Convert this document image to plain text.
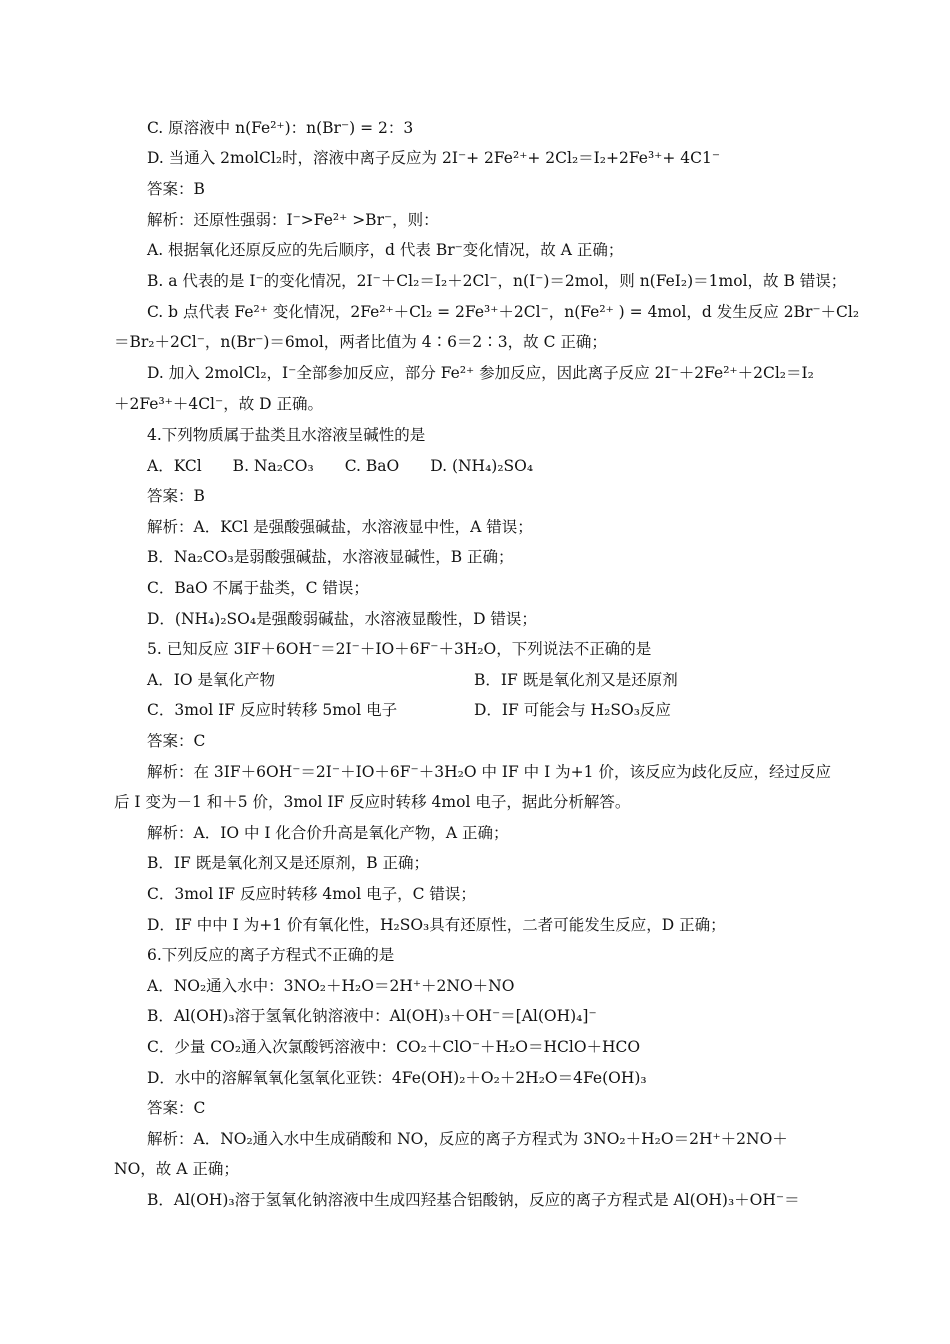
C. 原溶液中 n(Fe²⁺)：n(Br⁻) = 2：3
D. 当通入 2molCl₂时，溶液中离子反应为 2I⁻+ 2Fe²⁺+ 2Cl₂＝I₂+2Fe³⁺+ 4C1⁻
答案：B
解析：还原性强弱：I⁻>Fe²⁺ >Br⁻，则：
A. 根据氧化还原反应的先后顺序，d 代表 Br⁻变化情况，故 A 正确；
B. a 代表的是 I⁻的变化情况，2I⁻＋Cl₂＝I₂＋2Cl⁻，n(I⁻)＝2mol，则 n(FeI₂)＝1mol，故 B 错误；
C. b 点代表 Fe²⁺ 变化情况，2Fe²⁺＋Cl₂ = 2Fe³⁺＋2Cl⁻，n(Fe²⁺ ) = 4mol，d 发生反应 2Br⁻＋Cl₂
＝Br₂＋2Cl⁻，n(Br⁻)＝6mol，两者比值为 4∶6＝2∶3，故 C 正确；
D. 加入 2molCl₂，I⁻全部参加反应，部分 Fe²⁺ 参加反应，因此离子反应 2I⁻＋2Fe²⁺＋2Cl₂＝I₂
＋2Fe³⁺＋4Cl⁻，故 D 正确。
4.下列物质属于盐类且水溶液呈碱性的是
A．KCl　　B. Na₂CO₃　　C. BaO　　D. (NH₄)₂SO₄
答案：B
解析：A．KCl 是强酸强碱盐，水溶液显中性，A 错误；
B．Na₂CO₃是弱酸强碱盐，水溶液显碱性，B 正确；
C．BaO 不属于盐类，C 错误；
D．(NH₄)₂SO₄是强酸弱碱盐，水溶液显酸性，D 错误；
5. 已知反应 3IF＋6OH⁻＝2I⁻＋IO＋6F⁻＋3H₂O，下列说法不正确的是
A．IO 是氧化产物	B．IF 既是氧化剂又是还原剂
C．3mol IF 反应时转移 5mol 电子	D．IF 可能会与 H₂SO₃反应
答案：C
解析：在 3IF＋6OH⁻＝2I⁻＋IO＋6F⁻＋3H₂O 中 IF 中 I 为+1 价，该反应为歧化反应，经过反应
后 I 变为－1 和＋5 价，3mol IF 反应时转移 4mol 电子，据此分析解答。
解析：A．IO 中 I 化合价升高是氧化产物，A 正确；
B．IF 既是氧化剂又是还原剂，B 正确；
C．3mol IF 反应时转移 4mol 电子，C 错误；
D．IF 中中 I 为+1 价有氧化性，H₂SO₃具有还原性，二者可能发生反应，D 正确；
6.下列反应的离子方程式不正确的是
A．NO₂通入水中：3NO₂＋H₂O＝2H⁺＋2NO＋NO
B．Al(OH)₃溶于氢氧化钠溶液中：Al(OH)₃＋OH⁻＝[Al(OH)₄]⁻
C．少量 CO₂通入次氯酸钙溶液中：CO₂＋ClO⁻＋H₂O＝HClO＋HCO
D．水中的溶解氧氧化氢氧化亚铁：4Fe(OH)₂＋O₂＋2H₂O＝4Fe(OH)₃
答案：C
解析：A．NO₂通入水中生成硝酸和 NO，反应的离子方程式为 3NO₂＋H₂O＝2H⁺＋2NO＋
NO，故 A 正确；
B．Al(OH)₃溶于氢氧化钠溶液中生成四羟基合铝酸钠，反应的离子方程式是 Al(OH)₃＋OH⁻＝
